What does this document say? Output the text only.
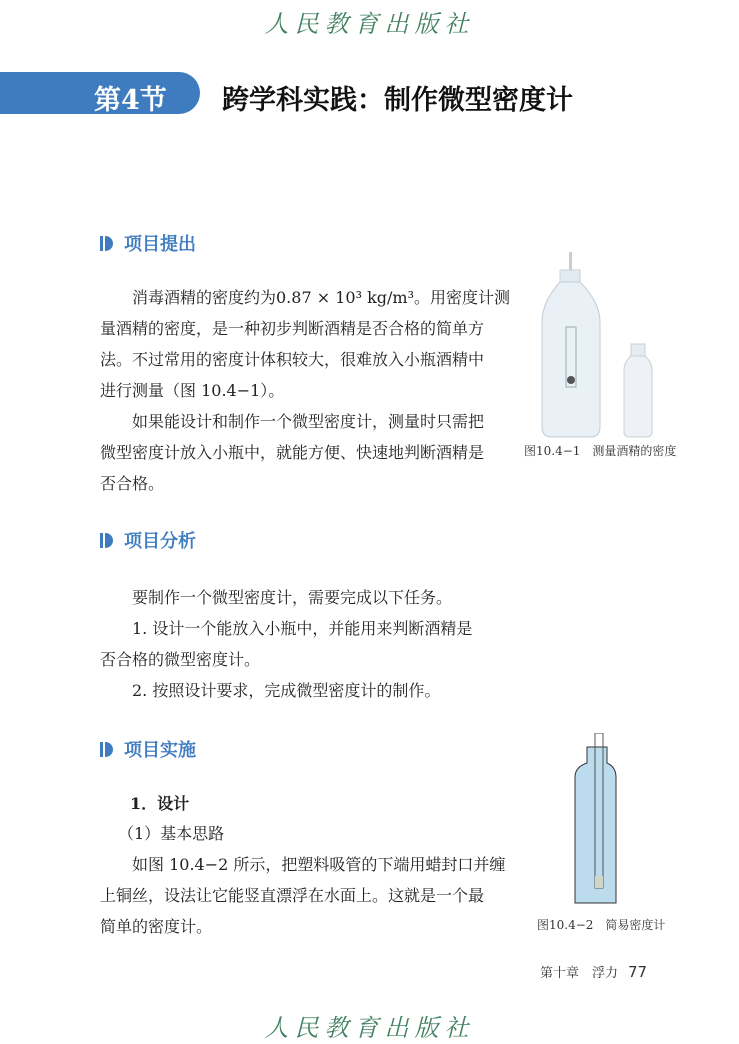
人民教育出版社
第4节 跨学科实践：制作微型密度计
项目提出
　　消毒酒精的密度约为0.87 × 10³ kg/m³。用密度计测
量酒精的密度，是一种初步判断酒精是否合格的简单方
法。不过常用的密度计体积较大，很难放入小瓶酒精中
进行测量（图 10.4−1）。
　　如果能设计和制作一个微型密度计，测量时只需把
微型密度计放入小瓶中，就能方便、快速地判断酒精是
否合格。
图10.4−1　测量酒精的密度
项目分析
　　要制作一个微型密度计，需要完成以下任务。
　　1. 设计一个能放入小瓶中，并能用来判断酒精是
否合格的微型密度计。
　　2. 按照设计要求，完成微型密度计的制作。
项目实施
1．设计
（1）基本思路
　　如图 10.4−2 所示，把塑料吸管的下端用蜡封口并缠
上铜丝，设法让它能竖直漂浮在水面上。这就是一个最
简单的密度计。	图10.4−2　简易密度计
第十章　浮力 77
人民教育出版社
